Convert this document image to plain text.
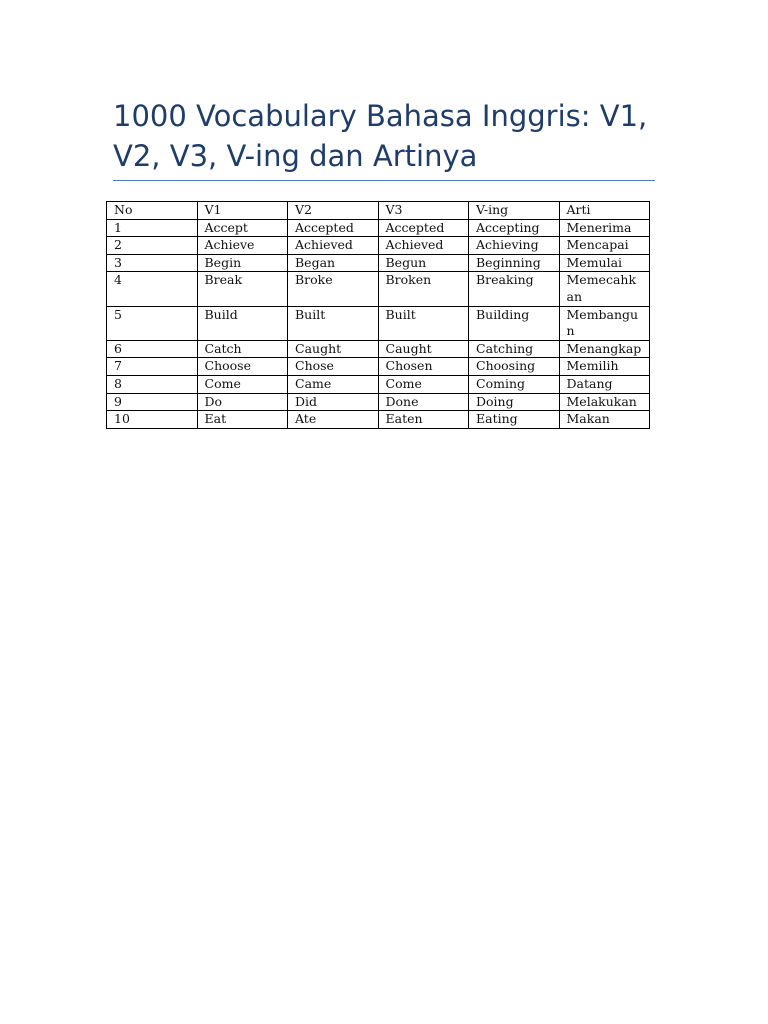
1000 Vocabulary Bahasa Inggris: V1, V2, V3, V-ing dan Artinya
No	V1	V2	V3	V-ing	Arti
1	Accept	Accepted	Accepted	Accepting	Menerima
2	Achieve	Achieved	Achieved	Achieving	Mencapai
3	Begin	Began	Begun	Beginning	Memulai
4	Break	Broke	Broken	Breaking	Memecahkan
5	Build	Built	Built	Building	Membangun
6	Catch	Caught	Caught	Catching	Menangkap
7	Choose	Chose	Chosen	Choosing	Memilih
8	Come	Came	Come	Coming	Datang
9	Do	Did	Done	Doing	Melakukan
10	Eat	Ate	Eaten	Eating	Makan
